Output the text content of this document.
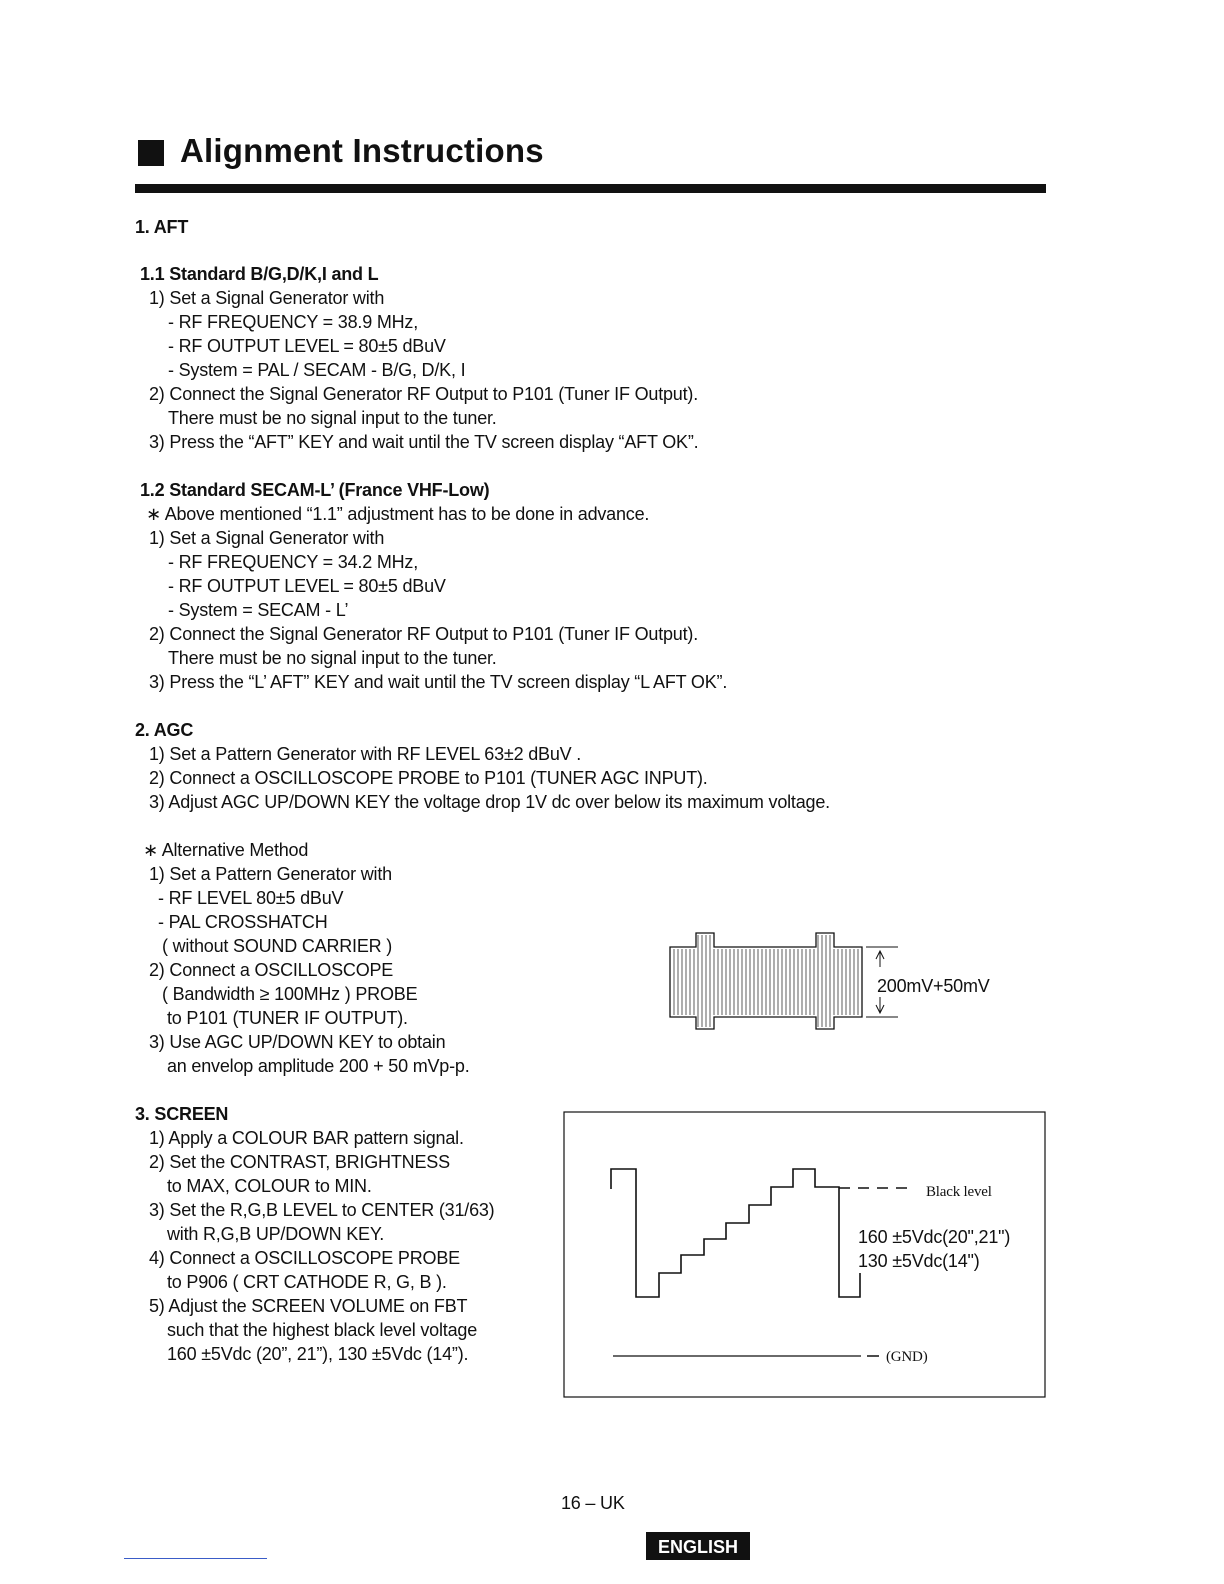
Alignment Instructions
1. AFT
1.1 Standard B/G,D/K,I and L
1) Set a Signal Generator with
- RF FREQUENCY = 38.9 MHz,
- RF OUTPUT LEVEL = 80±5 dBuV
- System = PAL / SECAM - B/G, D/K, I
2) Connect the Signal Generator RF Output to P101 (Tuner IF Output).
There must be no signal input to the tuner.
3) Press the “AFT” KEY and wait until the TV screen display “AFT OK”.
1.2 Standard SECAM-L’ (France VHF-Low)
∗ Above mentioned “1.1” adjustment has to be done in advance.
1) Set a Signal Generator with
- RF FREQUENCY = 34.2 MHz,
- RF OUTPUT LEVEL = 80±5 dBuV
- System = SECAM - L’
2) Connect the Signal Generator RF Output to P101 (Tuner IF Output).
There must be no signal input to the tuner.
3) Press the “L’ AFT” KEY and wait until the TV screen display “L AFT OK”.
2. AGC
1) Set a Pattern Generator with RF LEVEL 63±2 dBuV .
2) Connect a OSCILLOSCOPE PROBE to P101 (TUNER AGC INPUT).
3) Adjust AGC UP/DOWN KEY the voltage drop 1V dc over below its maximum voltage.
∗ Alternative Method
1) Set a Pattern Generator with
- RF LEVEL 80±5 dBuV
- PAL CROSSHATCH
( without SOUND CARRIER )
2) Connect a OSCILLOSCOPE
( Bandwidth ≥ 100MHz ) PROBE
to P101 (TUNER IF OUTPUT).
3) Use AGC UP/DOWN KEY to obtain
an envelop amplitude 200 + 50 mVp-p.
200mV+50mV
3. SCREEN
1) Apply a COLOUR BAR pattern signal.
2) Set the CONTRAST, BRIGHTNESS
to MAX, COLOUR to MIN.
3) Set the R,G,B LEVEL to CENTER (31/63)
with R,G,B UP/DOWN KEY.
4) Connect a OSCILLOSCOPE PROBE
to P906 ( CRT CATHODE R, G, B ).
5) Adjust the SCREEN VOLUME on FBT
such that the highest black level voltage
160 ±5Vdc (20”, 21”), 130 ±5Vdc (14”).
Black level
160 ±5Vdc(20",21")
130 ±5Vdc(14")
(GND)
16 – UK
ENGLISH
